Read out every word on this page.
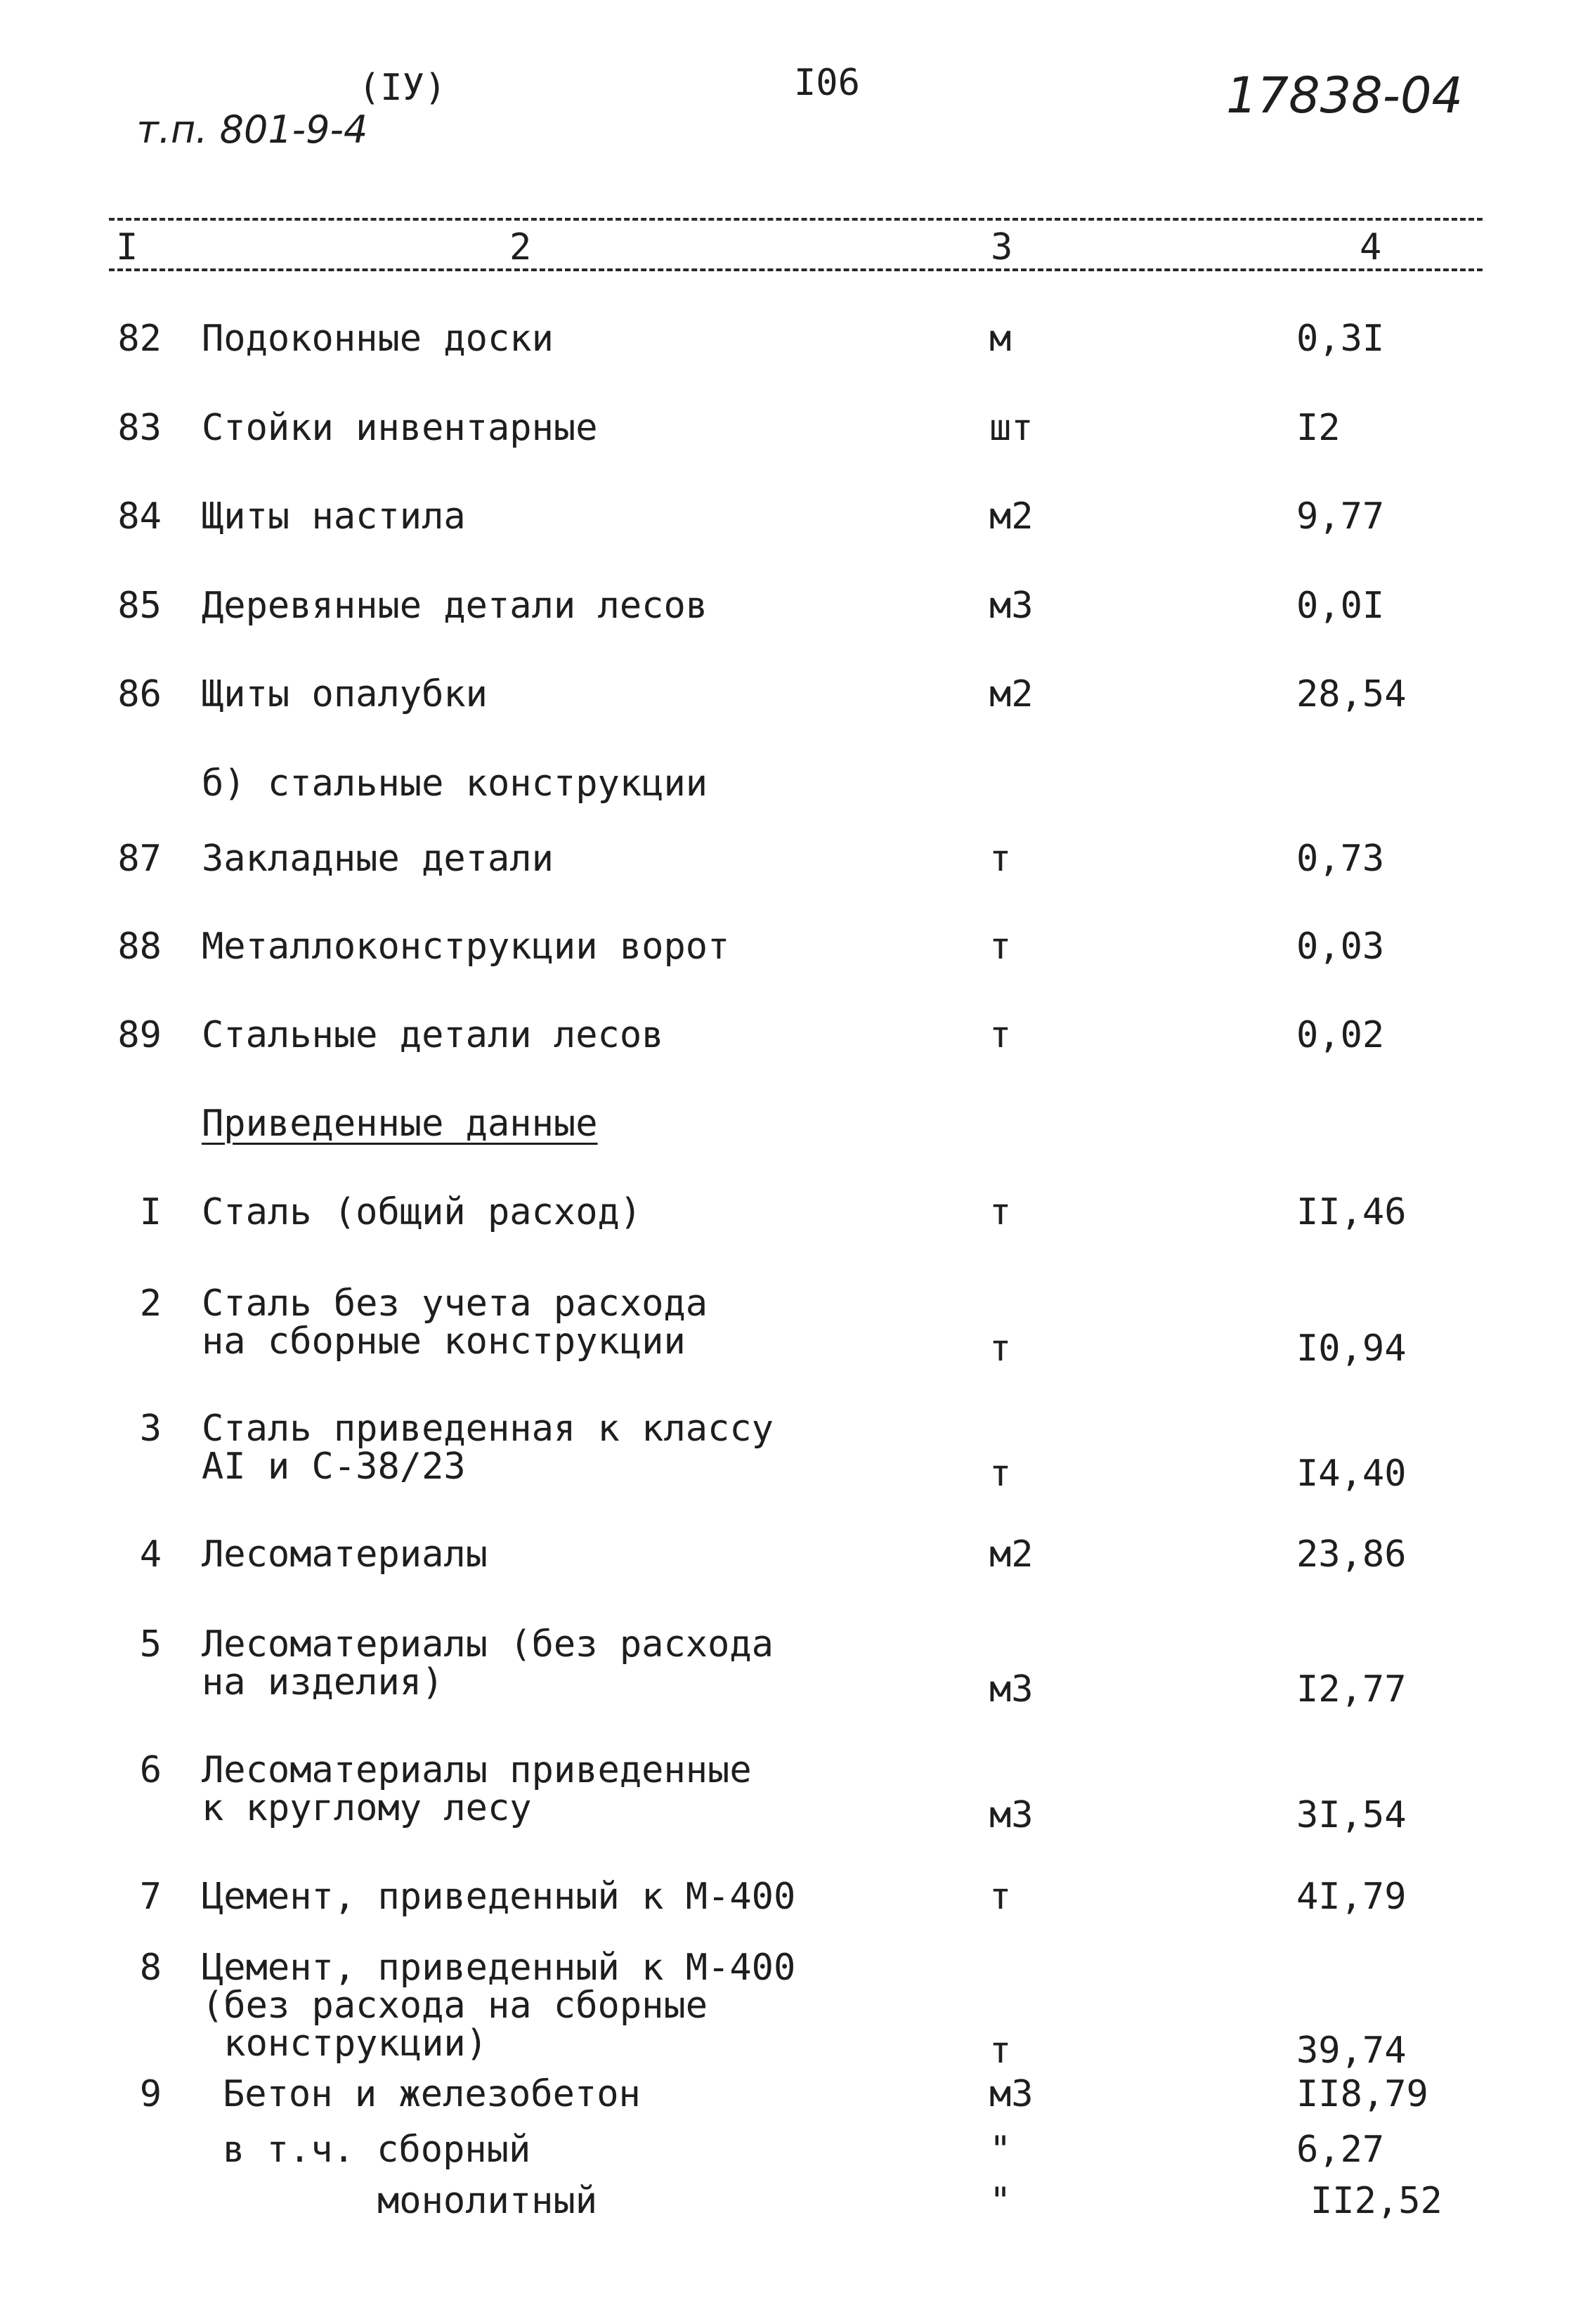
т.п. 801-9-4

(IУ)	I06	17838-04
I	2	3	4
82 Подоконные доски	м	0,3I
83 Стойки инвентарные	шт	I2
84 Щиты настила	м2	9,77
85 Деревянные детали лесов	м3	0,0I
86 Щиты опалубки	м2	28,54
б) стальные конструкции
87 Закладные детали	т	0,73
88 Металлоконструкции ворот	т	0,03
89 Стальные детали лесов	т	0,02
Приведенные данные
I Сталь (общий расход)	т	II,46
2 Сталь без учета расхода
на сборные конструкции	т	I0,94
3 Сталь приведенная к классу
AI и С-38/23	т	I4,40
4 Лесоматериалы	м2	23,86
5 Лесоматериалы (без расхода
на изделия)	м3	I2,77
6 Лесоматериалы приведенные
к круглому лесу	м3	3I,54
7 Цемент, приведенный к М-400	т	4I,79
8 Цемент, приведенный к М-400
(без расхода на сборные
конструкции)	т	39,74
9 Бетон и железобетон	м3	II8,79
в т.ч. сборный	"	6,27
монолитный	"	II2,52
